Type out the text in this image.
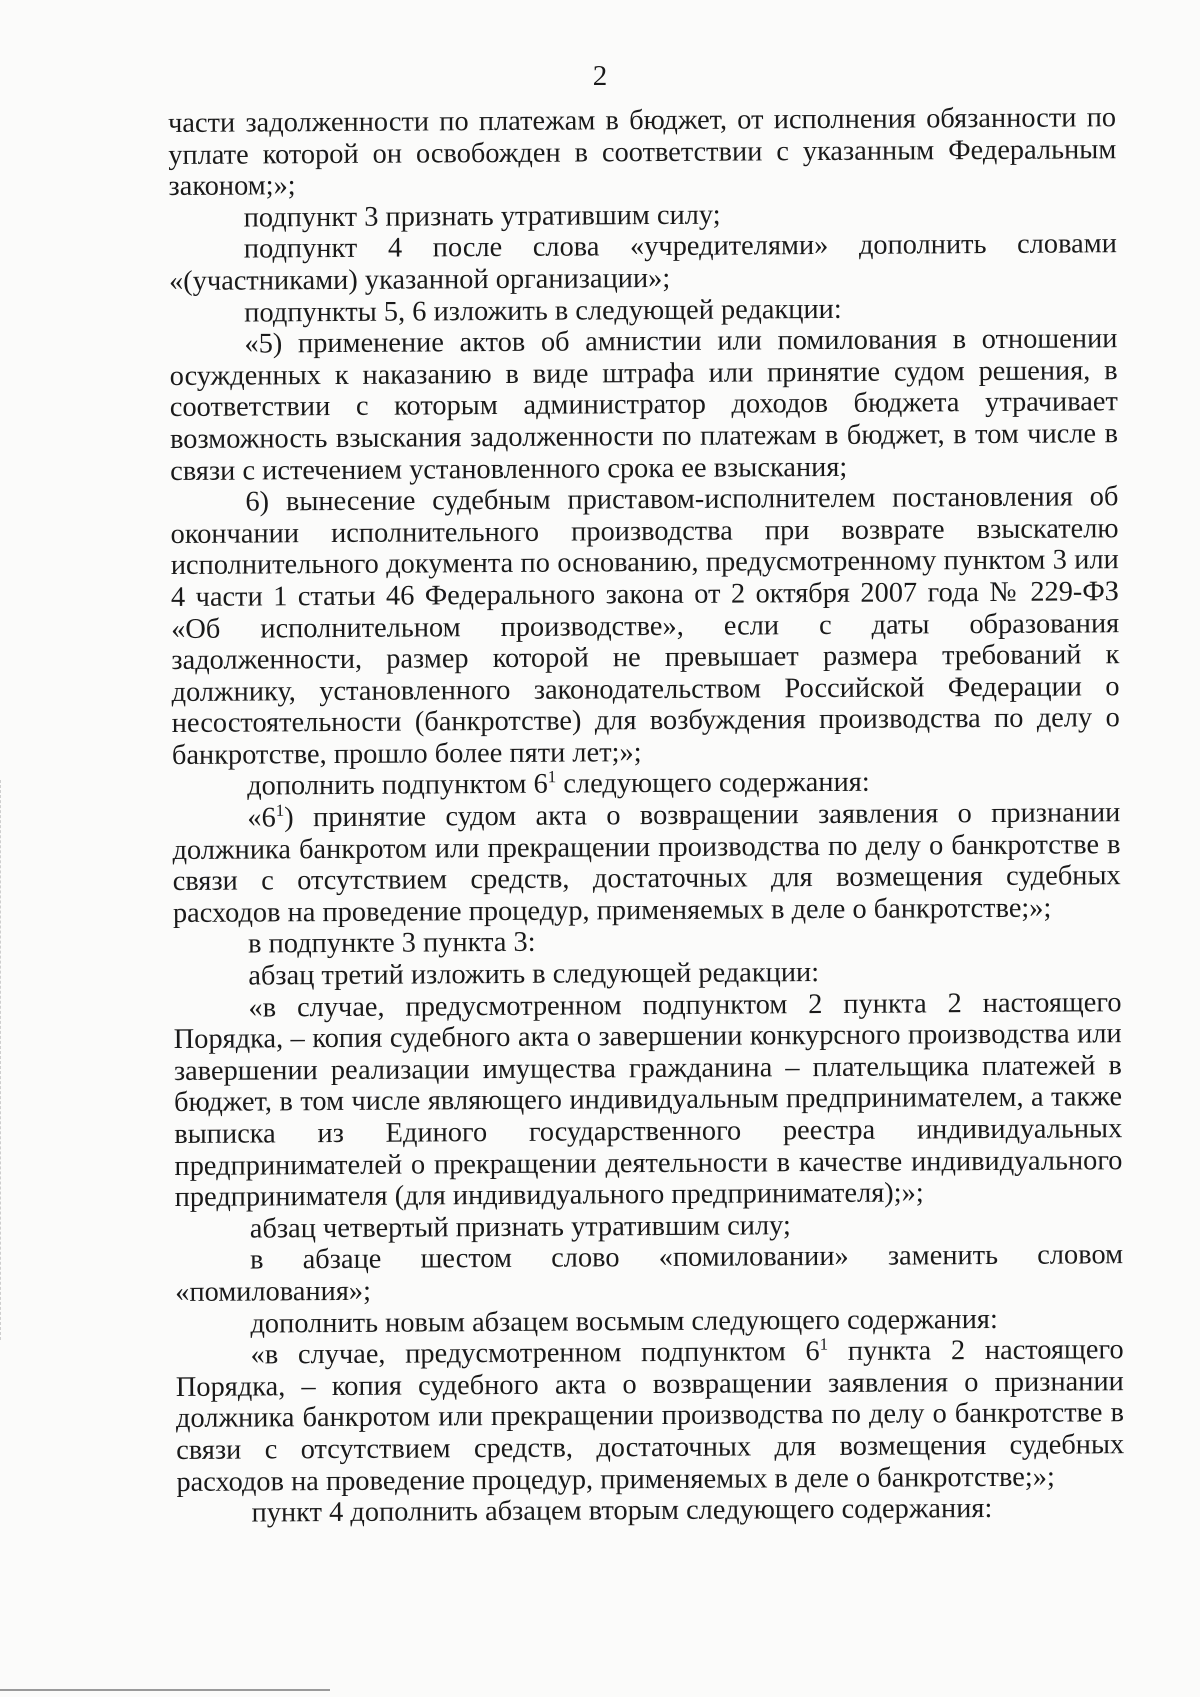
2

части задолженности по платежам в бюджет, от исполнения обязанности по уплате которой он освобожден в соответствии с указанным Федеральным законом;»;

подпункт 3 признать утратившим силу;

подпункт 4 после слова «учредителями» дополнить словами «(участниками) указанной организации»;

подпункты 5, 6 изложить в следующей редакции:

«5) применение актов об амнистии или помилования в отношении осужденных к наказанию в виде штрафа или принятие судом решения, в соответствии с которым администратор доходов бюджета утрачивает возможность взыскания задолженности по платежам в бюджет, в том числе в связи с истечением установленного срока ее взыскания;

6) вынесение судебным приставом-исполнителем постановления об окончании исполнительного производства при возврате взыскателю исполнительного документа по основанию, предусмотренному пунктом 3 или 4 части 1 статьи 46 Федерального закона от 2 октября 2007 года № 229-ФЗ «Об исполнительном производстве», если с даты образования задолженности, размер которой не превышает размера требований к должнику, установленного законодательством Российской Федерации о несостоятельности (банкротстве) для возбуждения производства по делу о банкротстве, прошло более пяти лет;»;

дополнить подпунктом $6^1$ следующего содержания:

«$6^1$) принятие судом акта о возвращении заявления о признании должника банкротом или прекращении производства по делу о банкротстве в связи с отсутствием средств, достаточных для возмещения судебных расходов на проведение процедур, применяемых в деле о банкротстве;»;

в подпункте 3 пункта 3:

абзац третий изложить в следующей редакции:

«в случае, предусмотренном подпунктом 2 пункта 2 настоящего Порядка, – копия судебного акта о завершении конкурсного производства или завершении реализации имущества гражданина – плательщика платежей в бюджет, в том числе являющего индивидуальным предпринимателем, а также выписка из Единого государственного реестра индивидуальных предпринимателей о прекращении деятельности в качестве индивидуального предпринимателя (для индивидуального предпринимателя);»;

абзац четвертый признать утратившим силу;

в абзаце шестом слово «помиловании» заменить словом «помилования»;

дополнить новым абзацем восьмым следующего содержания:

«в случае, предусмотренном подпунктом $6^1$ пункта 2 настоящего Порядка, – копия судебного акта о возвращении заявления о признании должника банкротом или прекращении производства по делу о банкротстве в связи с отсутствием средств, достаточных для возмещения судебных расходов на проведение процедур, применяемых в деле о банкротстве;»;

пункт 4 дополнить абзацем вторым следующего содержания:
